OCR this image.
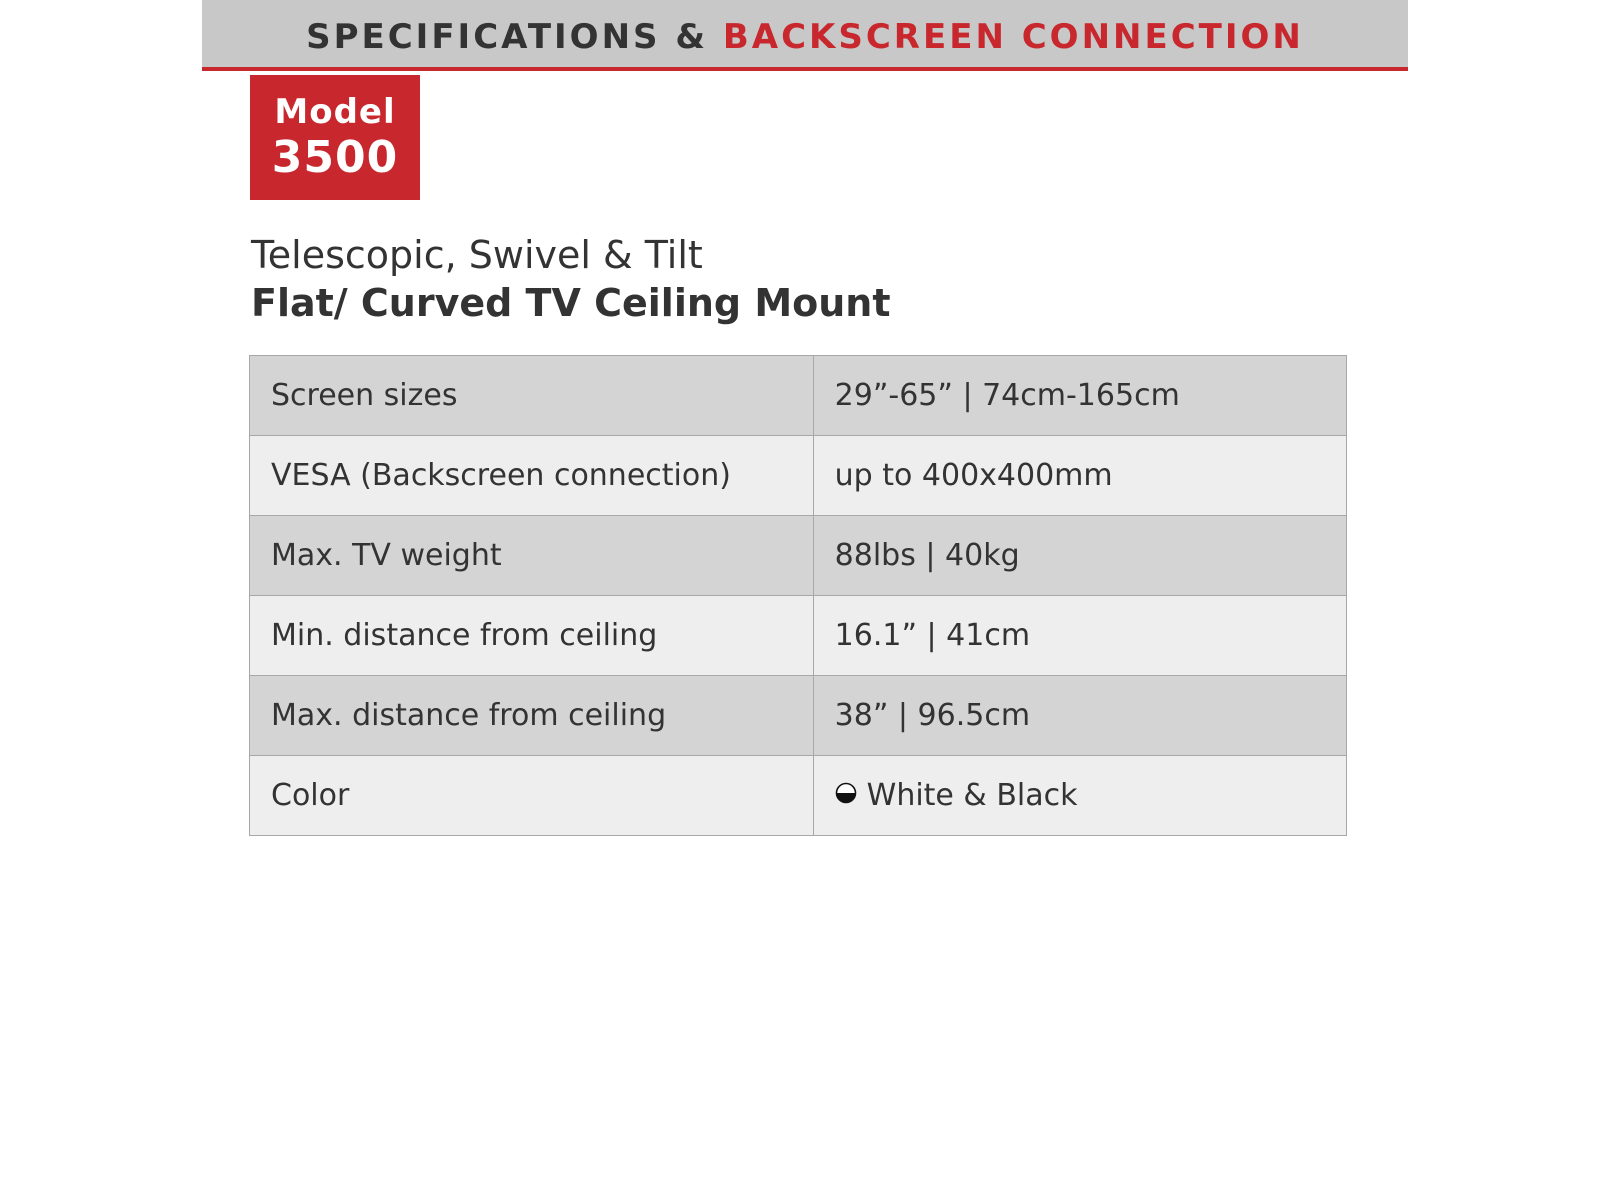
SPECIFICATIONS & BACKSCREEN CONNECTION
Model
3500
Telescopic, Swivel & Tilt
Flat/ Curved TV Ceiling Mount
Screen sizes	29”-65” | 74cm-165cm
VESA (Backscreen connection)	up to 400x400mm
Max. TV weight	88lbs | 40kg
Min. distance from ceiling	16.1” | 41cm
Max. distance from ceiling	38” | 96.5cm
Color	White & Black
